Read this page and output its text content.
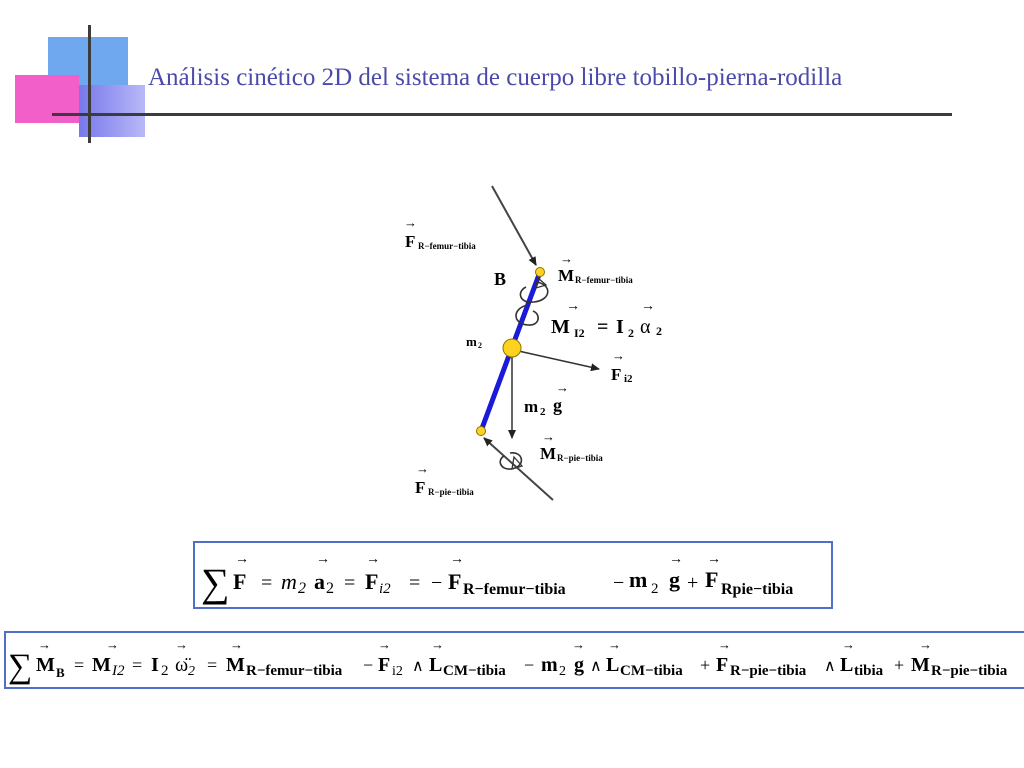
Análisis cinético 2D del sistema de cuerpo libre tobillo-pierna-rodilla
→
F R−femur−tibia
B
→
M R−femur−tibia
→
M I2 =
→
I 2 α 2
m 2
→
F i2
→
m 2 g
→
M R−pie−tibia
→
F R−pie−tibia
→	→	→	→	→ →
∑ F = m 2 a 2 = F i2 = − F R−femur−tibia − m 2 g + F Rpie−tibia
→	→	→	→	→	→	→ →	→	→	→
∑ M B = M I2 = I 2 ω̈ 2 = M R−femur−tibia − F i2 ∧ L CM−tibia − m 2 g ∧ L CM−tibia + F R−pie−tibia ∧ L tibia + M R−pie−tibia
